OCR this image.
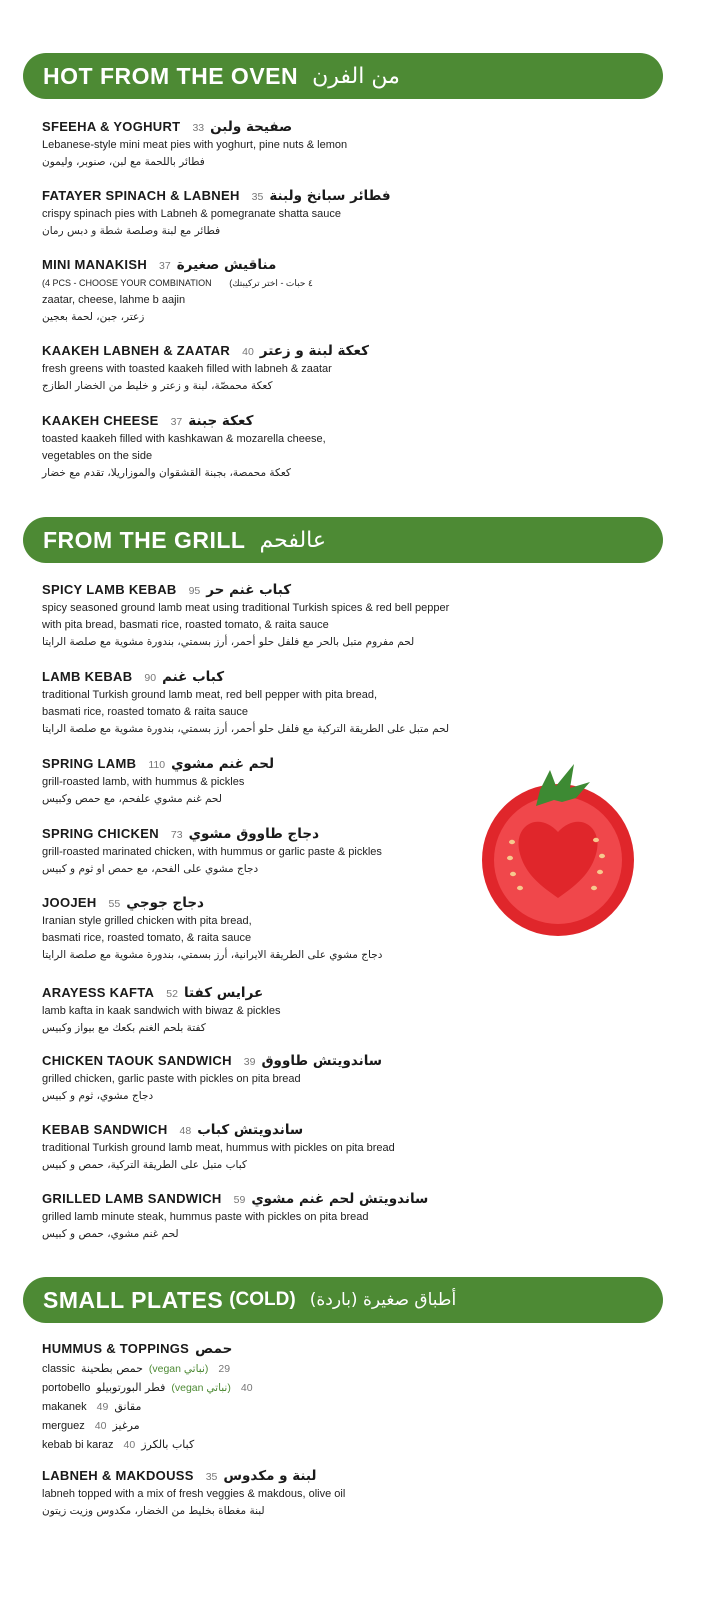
HOT FROM THE OVEN من الفرن
SFEEHA & YOGHURT صفيحة ولبن33
Lebanese-style mini meat pies with yoghurt, pine nuts & lemon
فطائر باللحمة مع لبن، صنوبر، وليمون
FATAYER SPINACH & LABNEH فطائر سبانخ ولبنة35
crispy spinach pies with Labneh & pomegranate shatta sauce
فطائر مع لبنة وصلصة شطة و دبس رمان
MINI MANAKISH مناقيش صغيرة37
(4 PCS - CHOOSE YOUR COMBINATION (٤ حبات - اختر تركيبتك
zaatar, cheese, lahme b aajin
زعتر، جبن، لحمة بعجين
KAAKEH LABNEH & ZAATAR كعكة لبنة و زعتر40
fresh greens with toasted kaakeh filled with labneh & zaatar
كعكة محمصّة، لبنة و زعتر و خليط من الخضار الطازج
KAAKEH CHEESE كعكة جبنة37
toasted kaakeh filled with kashkawan & mozarella cheese,
vegetables on the side
كعكة محمصة، بجبنة القشقوان والموزاريلا، تقدم مع خضار
FROM THE GRILL عالفحم
SPICY LAMB KEBAB كباب غنم حر95
spicy seasoned ground lamb meat using traditional Turkish spices & red bell pepper
with pita bread, basmati rice, roasted tomato, & raita sauce
لحم مفروم متبل بالحر مع فلفل حلو أحمر، أرز بسمتي، بندورة مشوية مع صلصة الرايتا
LAMB KEBAB كباب غنم90
traditional Turkish ground lamb meat, red bell pepper with pita bread,
basmati rice, roasted tomato & raita sauce
لحم متبل على الطريقة التركية مع فلفل حلو أحمر، أرز بسمتي، بندورة مشوية مع صلصة الرايتا
SPRING LAMB	لحم غنم مشوي110
grill-roasted lamb, with hummus & pickles
لحم غنم مشوي علفحم، مع حمص وكبيس
SPRING CHICKEN دجاج طاووق مشوي73
grill-roasted marinated chicken, with hummus or garlic paste & pickles
دجاج مشوي على الفحم، مع حمص او ثوم و كبيس
JOOJEH دجاج جوجي55
Iranian style grilled chicken with pita bread,
basmati rice, roasted tomato, & raita sauce
دجاج مشوي على الطريقة الايرانية، أرز بسمتي، بندورة مشوية مع صلصة الرايتا
ARAYESS KAFTA عرايس كفتا52
lamb kafta in kaak sandwich with biwaz & pickles
كفتة بلحم الغنم بكعك مع بيواز وكبيس
CHICKEN TAOUK SANDWICH ساندويتش طاووق39
grilled chicken, garlic paste with pickles on pita bread
دجاج مشوي، ثوم و كبيس
KEBAB SANDWICH ساندويتش كباب48
traditional Turkish ground lamb meat, hummus with pickles on pita bread
كباب متبل على الطريقة التركية، حمص و كبيس
GRILLED LAMB SANDWICH ساندويتش لحم غنم مشوي59
grilled lamb minute steak, hummus paste with pickles on pita bread
لحم غنم مشوي، حمص و كبيس
SMALL PLATES (COLD) أطباق صغيرة (باردة)
HUMMUS & TOPPINGS حمص
classic حمص بطحينة (vegan نباتي) 29
portobello فطر البورتوبيلو (vegan نباتي) 40
makanek	مقانق49
merguez	مرغيز40
kebab bi karaz	كباب بالكرز40
LABNEH & MAKDOUSS لبنة و مكدوس35
labneh topped with a mix of fresh veggies & makdous, olive oil
لبنة مغطاة بخليط من الخضار، مكدوس وزيت زيتون
